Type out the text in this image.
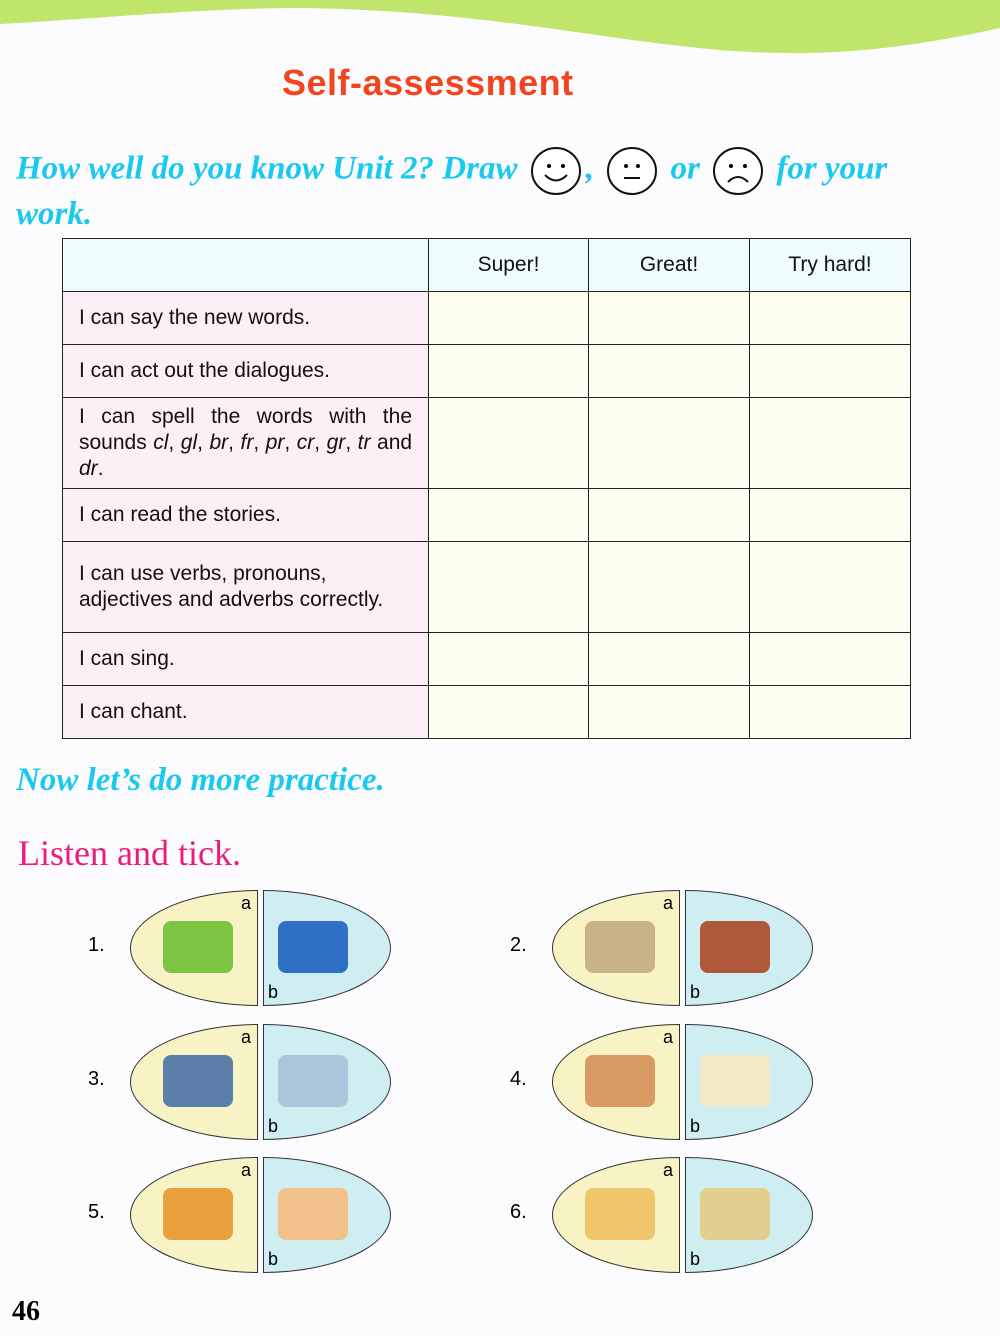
Self-assessment
How well do you know Unit 2? Draw , or for your work.
	Super!	Great!	Try hard!
I can say the new words.			
I can act out the dialogues.			
I can spell the words with the sounds cl, gl, br, fr, pr, cr, gr, tr and dr.			
I can read the stories.			
I can use verbs, pronouns, adjectives and adverbs correctly.			
I can sing.			
I can chant.			
Now let’s do more practice.
Listen and tick.
1.
a
b
2.
a
b
3.
a
b
4.
a
b
5.
a
b
6.
a
b
46
